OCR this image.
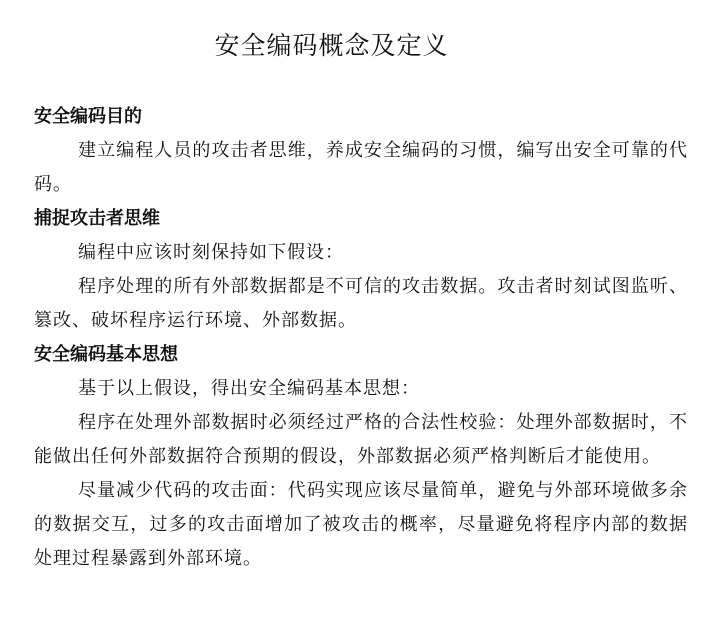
安全编码概念及定义
安全编码目的

建立编程人员的攻击者思维，养成安全编码的习惯，编写出安全可靠的代码。

捕捉攻击者思维

编程中应该时刻保持如下假设：

程序处理的所有外部数据都是不可信的攻击数据。攻击者时刻试图监听、篡改、破坏程序运行环境、外部数据。

安全编码基本思想

基于以上假设，得出安全编码基本思想：

程序在处理外部数据时必须经过严格的合法性校验：处理外部数据时，不能做出任何外部数据符合预期的假设，外部数据必须严格判断后才能使用。

尽量减少代码的攻击面：代码实现应该尽量简单，避免与外部环境做多余的数据交互，过多的攻击面增加了被攻击的概率，尽量避免将程序内部的数据处理过程暴露到外部环境。
